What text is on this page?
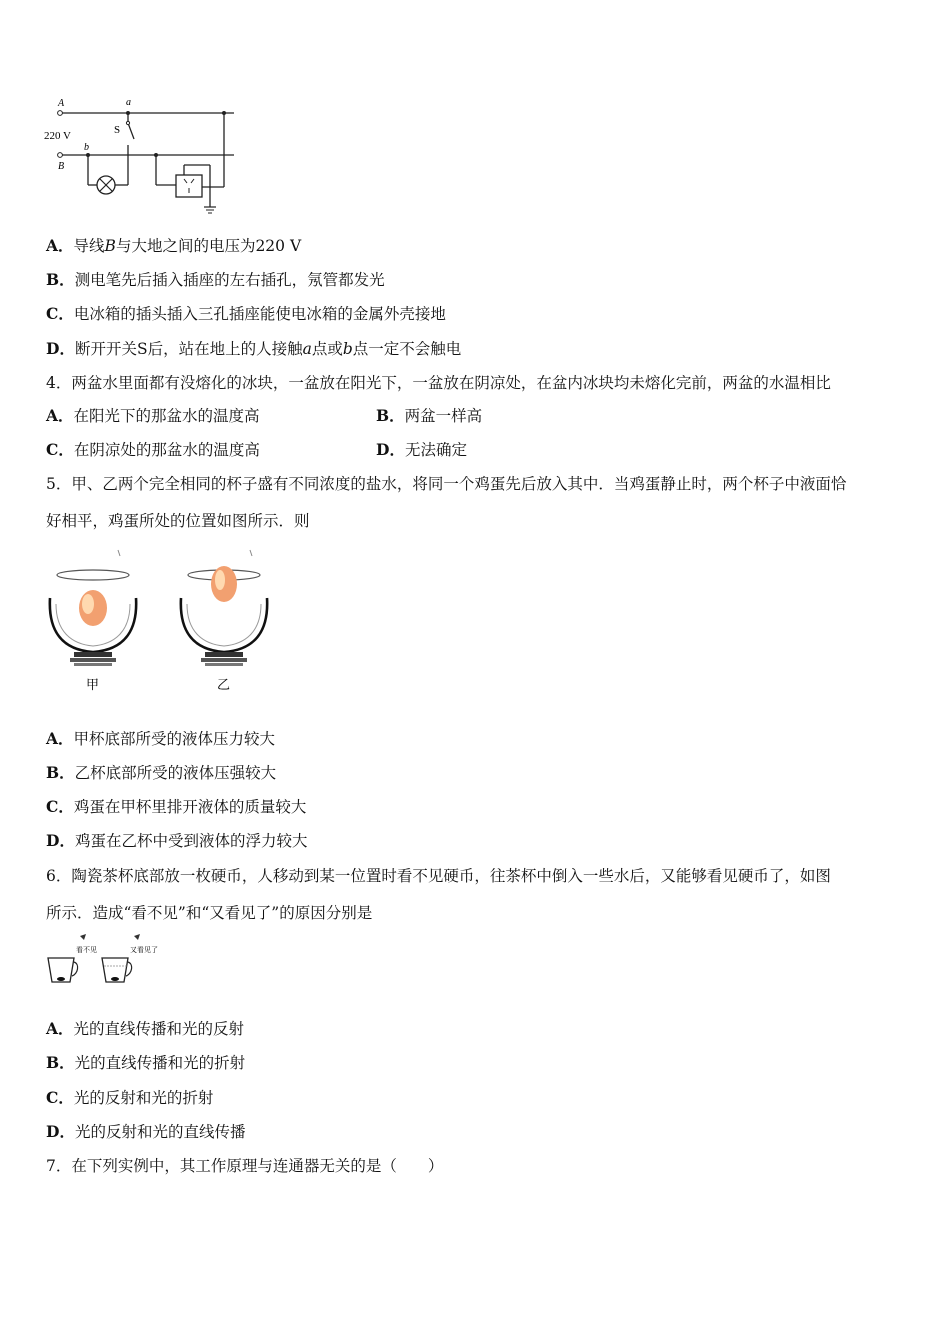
A
220 V
B
a
b
S
A．导线B与大地之间的电压为220 V
B．测电笔先后插入插座的左右插孔，氖管都发光
C．电冰箱的插头插入三孔插座能使电冰箱的金属外壳接地
D．断开开关S后，站在地上的人接触a点或b点一定不会触电
4．两盆水里面都有没熔化的冰块，一盆放在阳光下，一盆放在阴凉处，在盆内冰块均未熔化完前，两盆的水温相比
A．在阳光下的那盆水的温度高	B．两盆一样高
C．在阴凉处的那盆水的温度高	D．无法确定
5．甲、乙两个完全相同的杯子盛有不同浓度的盐水，将同一个鸡蛋先后放入其中．当鸡蛋静止时，两个杯子中液面恰
好相平，鸡蛋所处的位置如图所示．则
甲	乙
A．甲杯底部所受的液体压力较大
B．乙杯底部所受的液体压强较大
C．鸡蛋在甲杯里排开液体的质量较大
D．鸡蛋在乙杯中受到液体的浮力较大
6．陶瓷茶杯底部放一枚硬币，人移动到某一位置时看不见硬币，往茶杯中倒入一些水后，又能够看见硬币了，如图
所示．造成“看不见”和“又看见了”的原因分别是
看不见	又看见了
A．光的直线传播和光的反射
B．光的直线传播和光的折射
C．光的反射和光的折射
D．光的反射和光的直线传播
7．在下列实例中，其工作原理与连通器无关的是（　　）
